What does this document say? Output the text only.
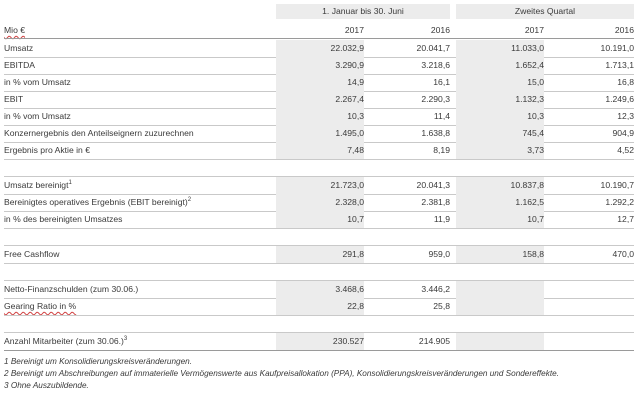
1. Januar bis 30. Juni	Zweites Quartal
Mio €	2017	2016	2017	2016
Umsatz	22.032,9	20.041,7	11.033,0	10.191,0
EBITDA	3.290,9	3.218,6	1.652,4	1.713,1
in % vom Umsatz	14,9	16,1	15,0	16,8
EBIT	2.267,4	2.290,3	1.132,3	1.249,6
in % vom Umsatz	10,3	11,4	10,3	12,3
Konzernergebnis den Anteilseignern zuzurechnen	1.495,0	1.638,8	745,4	904,9
Ergebnis pro Aktie in €	7,48	8,19	3,73	4,52
Umsatz bereinigt$^1$	21.723,0	20.041,3	10.837,8	10.190,7
Bereinigtes operatives Ergebnis (EBIT bereinigt)$^2$	2.328,0	2.381,8	1.162,5	1.292,2
in % des bereinigten Umsatzes	10,7	11,9	10,7	12,7
Free Cashflow	291,8	959,0	158,8	470,0
Netto-Finanzschulden (zum 30.06.)	3.468,6	3.446,2
Gearing Ratio in %	22,8	25,8
Anzahl Mitarbeiter (zum 30.06.)$^3$	230.527	214.905
1 Bereinigt um Konsolidierungskreisveränderungen.
2 Bereinigt um Abschreibungen auf immaterielle Vermögenswerte aus Kaufpreisallokation (PPA), Konsolidierungskreisveränderungen und Sondereffekte.
3 Ohne Auszubildende.
